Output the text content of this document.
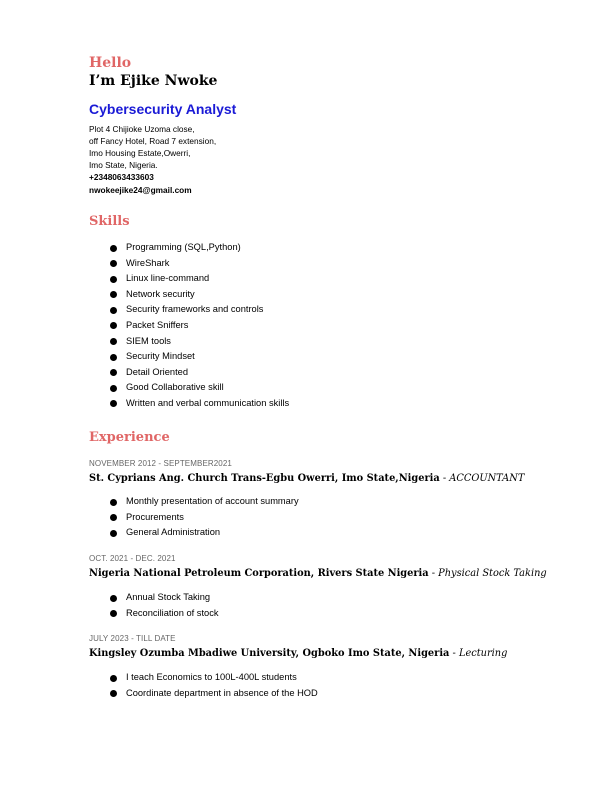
Hello
I’m Ejike Nwoke
Cybersecurity Analyst
Plot 4 Chijioke Uzoma close,
off Fancy Hotel, Road 7 extension,
Imo Housing Estate,Owerri,
Imo State, Nigeria.
+2348063433603
nwokeejike24@gmail.com
Skills
Programming (SQL,Python)
WireShark
Linux line-command
Network security
Security frameworks and controls
Packet Sniffers
SIEM tools
Security Mindset
Detail Oriented
Good Collaborative skill
Written and verbal communication skills
Experience
NOVEMBER 2012 - SEPTEMBER2021
St. Cyprians Ang. Church Trans-Egbu Owerri, Imo State,Nigeria - ACCOUNTANT
Monthly presentation of account summary
Procurements
General Administration
OCT. 2021 - DEC. 2021
Nigeria National Petroleum Corporation, Rivers State Nigeria - Physical Stock Taking
Annual Stock Taking
Reconciliation of stock
JULY 2023 - TILL DATE
Kingsley Ozumba Mbadiwe University, Ogboko Imo State, Nigeria - Lecturing
I teach Economics to 100L-400L students
Coordinate department in absence of the HOD
